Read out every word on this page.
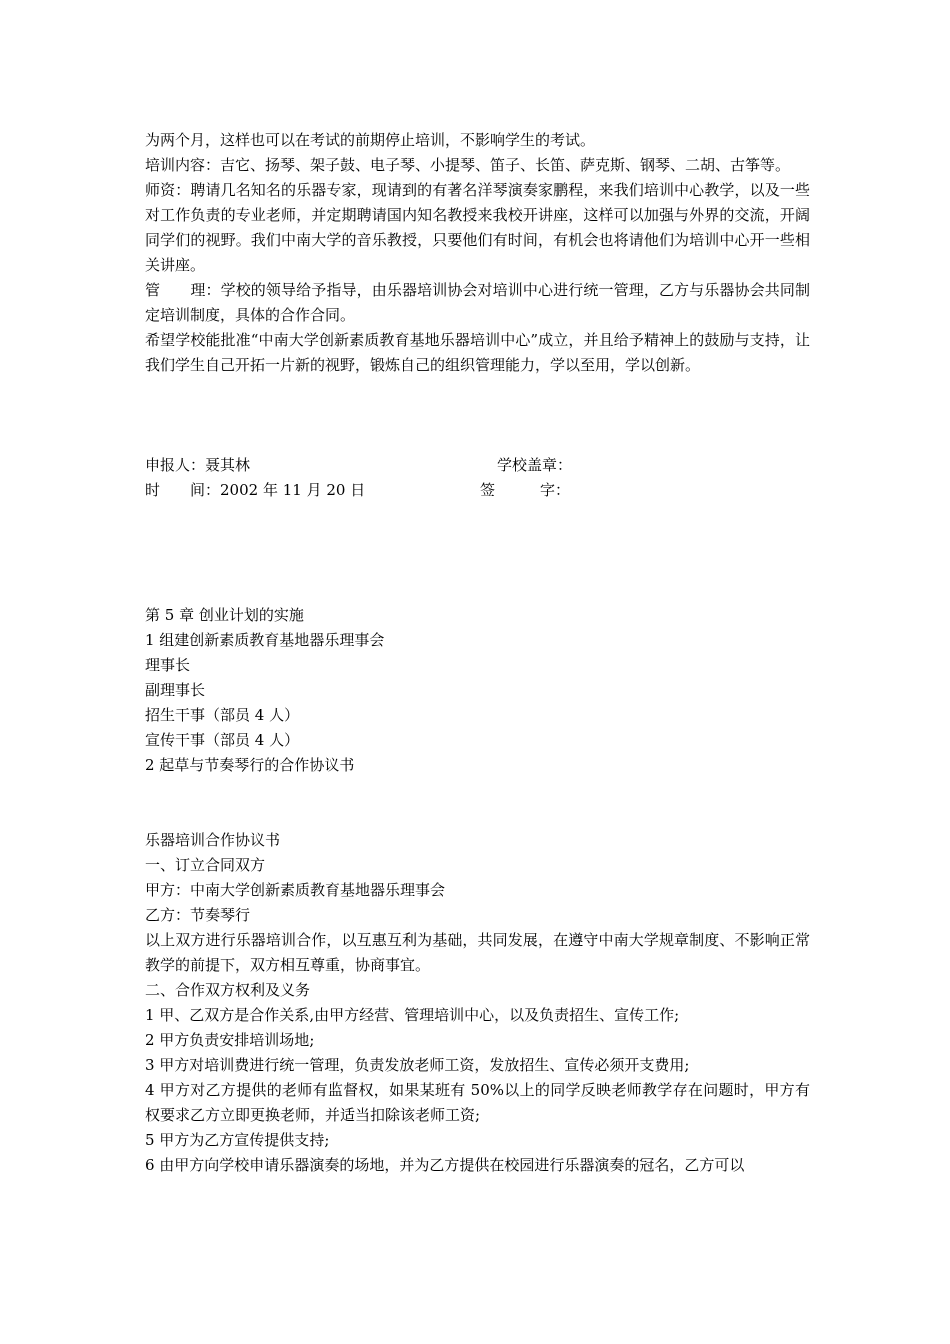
为两个月，这样也可以在考试的前期停止培训，不影响学生的考试。

培训内容：吉它、扬琴、架子鼓、电子琴、小提琴、笛子、长笛、萨克斯、钢琴、二胡、古筝等。

师资：聘请几名知名的乐器专家，现请到的有著名洋琴演奏家鹏程，来我们培训中心教学，以及一些对工作负责的专业老师，并定期聘请国内知名教授来我校开讲座，这样可以加强与外界的交流，开阔同学们的视野。我们中南大学的音乐教授，只要他们有时间，有机会也将请他们为培训中心开一些相关讲座。

管　　理：学校的领导给予指导，由乐器培训协会对培训中心进行统一管理，乙方与乐器协会共同制定培训制度，具体的合作合同。

希望学校能批准“中南大学创新素质教育基地乐器培训中心”成立，并且给予精神上的鼓励与支持，让我们学生自己开拓一片新的视野，锻炼自己的组织管理能力，学以至用，学以创新。

申报人：聂其林	学校盖章：
时　　间：2002 年 11 月 20 日	签　　　字：

第 5 章 创业计划的实施

1 组建创新素质教育基地器乐理事会

理事长

副理事长

招生干事（部员 4 人）

宣传干事（部员 4 人）

2 起草与节奏琴行的合作协议书

乐器培训合作协议书

一、订立合同双方

甲方：中南大学创新素质教育基地器乐理事会

乙方：节奏琴行

以上双方进行乐器培训合作，以互惠互利为基础，共同发展，在遵守中南大学规章制度、不影响正常教学的前提下，双方相互尊重，协商事宜。

二、合作双方权利及义务

1 甲、乙双方是合作关系,由甲方经营、管理培训中心，以及负责招生、宣传工作;

2 甲方负责安排培训场地;

3 甲方对培训费进行统一管理，负责发放老师工资，发放招生、宣传必须开支费用;

4 甲方对乙方提供的老师有监督权，如果某班有 50%以上的同学反映老师教学存在问题时，甲方有权要求乙方立即更换老师，并适当扣除该老师工资;

5 甲方为乙方宣传提供支持;

6 由甲方向学校申请乐器演奏的场地，并为乙方提供在校园进行乐器演奏的冠名，乙方可以
